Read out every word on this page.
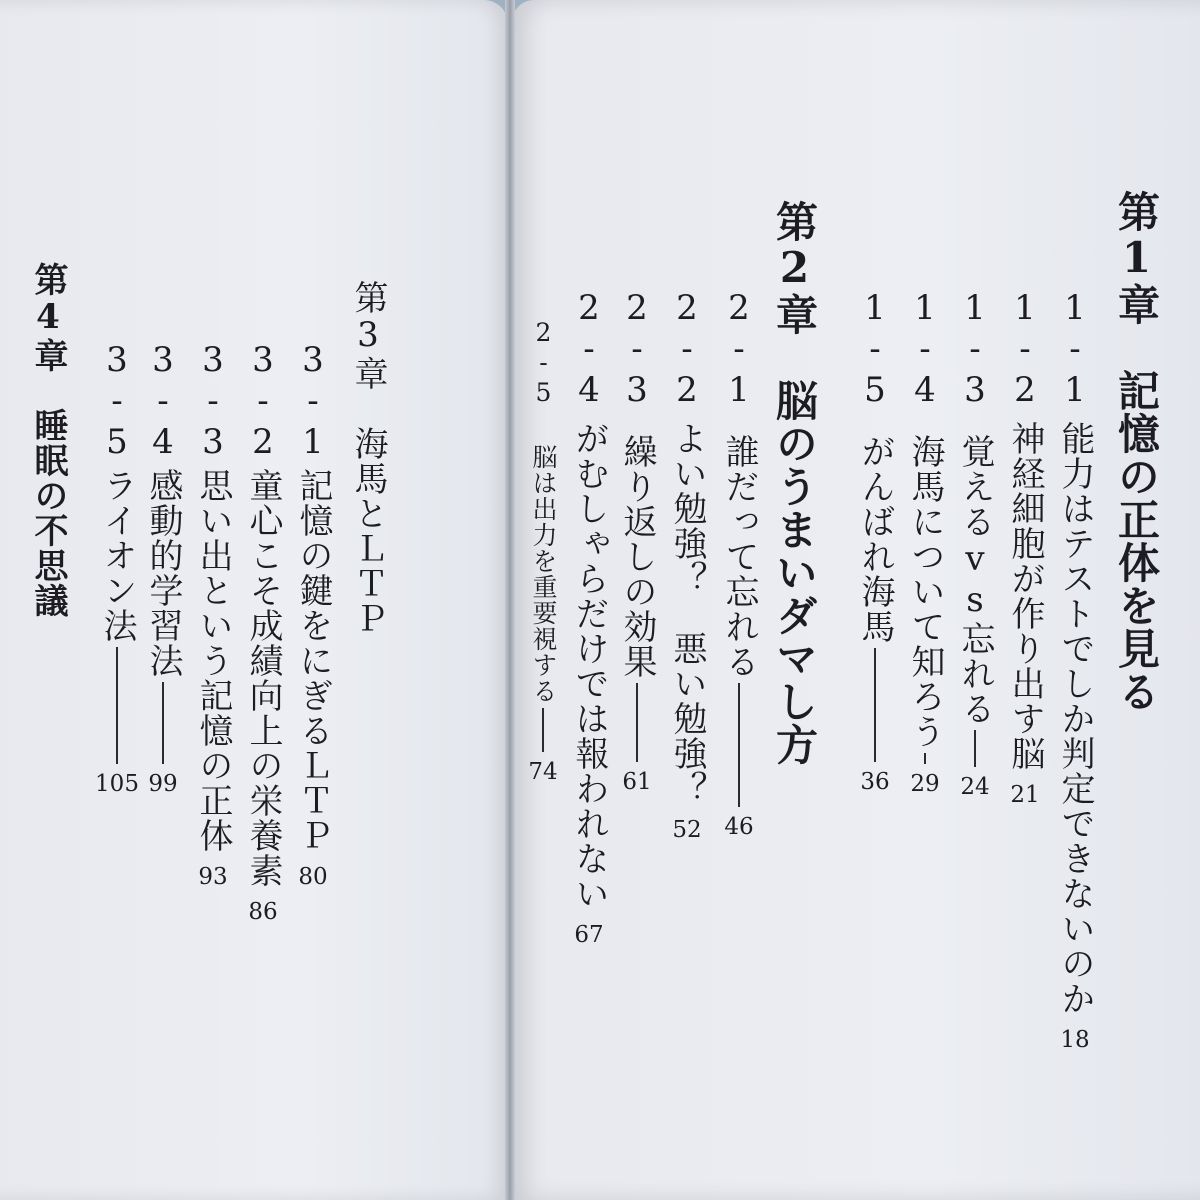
第1章　記憶の正体を見る
1-1
能力はテストでしか判定できないのか
18
1-2
神経細胞が作り出す脳
21
1-3
覚えるvs忘れる
24
1-4
海馬について知ろう
29
1-5
がんばれ海馬
36
第2章　脳のうまいダマし方
2-1
誰だって忘れる
46
2-2
よい勉強？　悪い勉強？
52
2-3
繰り返しの効果
61
2-4
がむしゃらだけでは報われない
67
2-5
脳は出力を重要視する
74
第3章　海馬とＬＴＰ
3-1
記憶の鍵をにぎるＬＴＰ
80
3-2
童心こそ成績向上の栄養素
86
3-3
思い出という記憶の正体
93
3-4
感動的学習法
99
3-5
ライオン法
105
第4章　睡眠の不思議
